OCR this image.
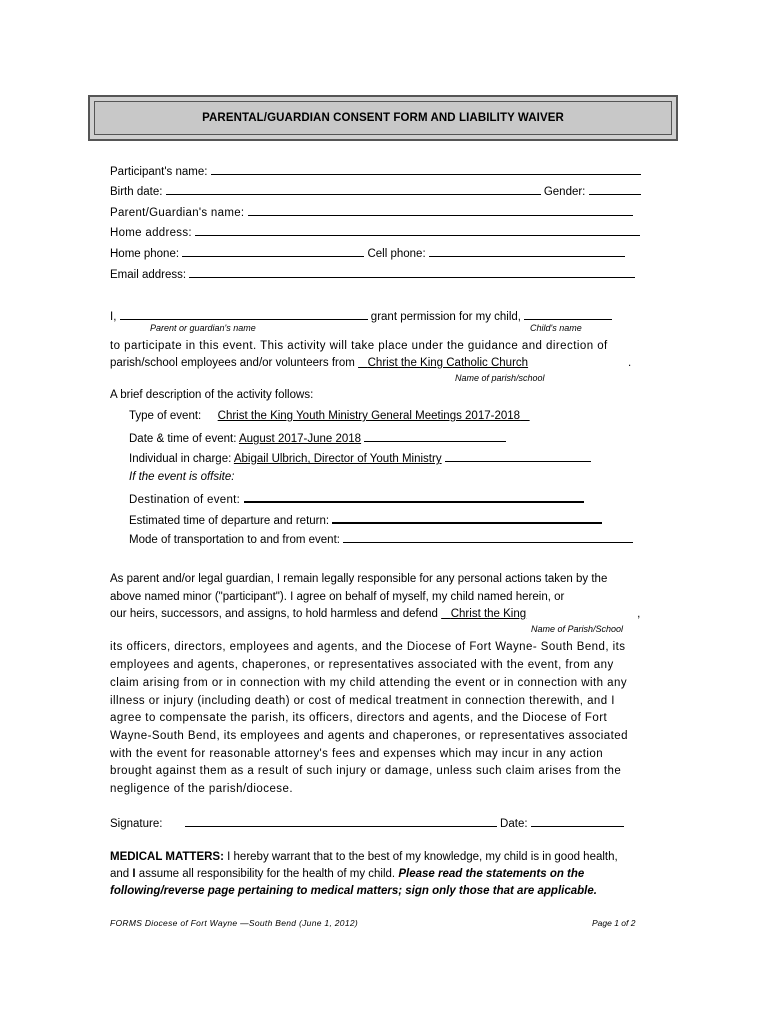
PARENTAL/GUARDIAN CONSENT FORM AND LIABILITY WAIVER
Participant's name:
Birth date:	Gender:
Parent/Guardian's name:
Home address:
Home phone:	Cell phone:
Email address:
I,	grant permission for my child,
Parent or guardian's name	Child's name
to participate in this event. This activity will take place under the guidance and direction of
parish/school employees and/or volunteers from Christ the King Catholic Church	.
Name of parish/school
A brief description of the activity follows:
Type of event: Christ the King Youth Ministry General Meetings 2017-2018
Date & time of event: August 2017-June 2018
Individual in charge: Abigail Ulbrich, Director of Youth Ministry
If the event is offsite:
Destination of event:
Estimated time of departure and return:
Mode of transportation to and from event:
As parent and/or legal guardian, I remain legally responsible for any personal actions taken by the
above named minor ("participant"). I agree on behalf of myself, my child named herein, or
our heirs, successors, and assigns, to hold harmless and defend Christ the King	,
Name of Parish/School
its officers, directors, employees and agents, and the Diocese of Fort Wayne- South Bend, its
employees and agents, chaperones, or representatives associated with the event, from any
claim arising from or in connection with my child attending the event or in connection with any
illness or injury (including death) or cost of medical treatment in connection therewith, and I
agree to compensate the parish, its officers, directors and agents, and the Diocese of Fort
Wayne-South Bend, its employees and agents and chaperones, or representatives associated
with the event for reasonable attorney's fees and expenses which may incur in any action
brought against them as a result of such injury or damage, unless such claim arises from the
negligence of the parish/diocese.
Signature:	Date:
MEDICAL MATTERS: I hereby warrant that to the best of my knowledge, my child is in good health,
and I assume all responsibility for the health of my child. Please read the statements on the
following/reverse page pertaining to medical matters; sign only those that are applicable.
FORMS Diocese of Fort Wayne —South Bend (June 1, 2012)	Page 1 of 2
